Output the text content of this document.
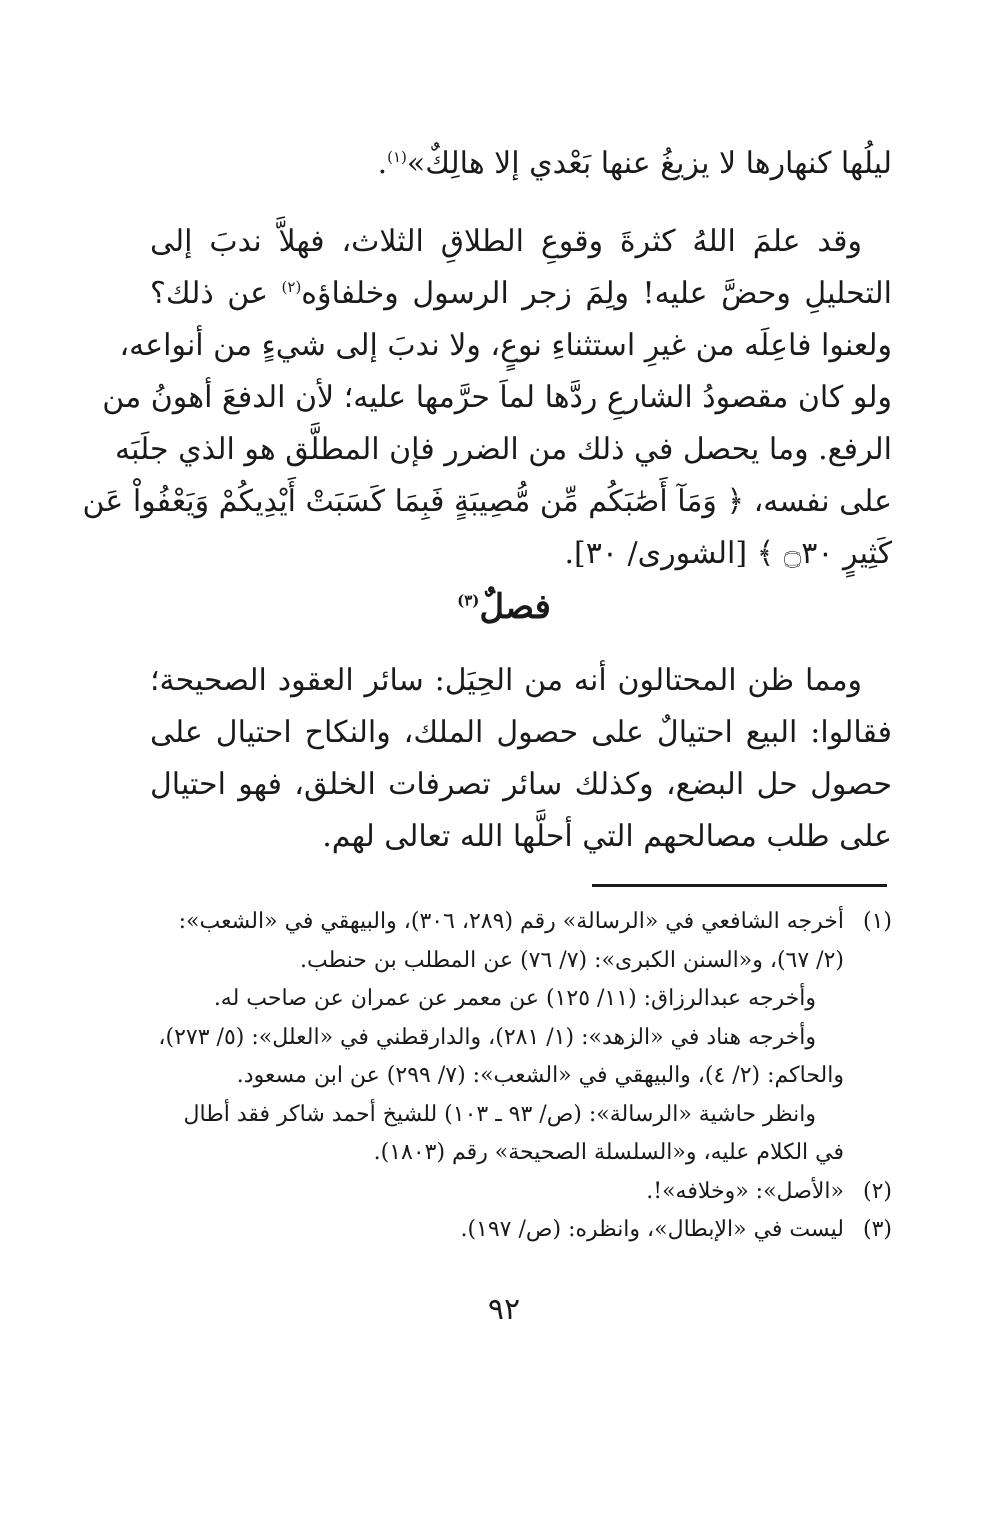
ليلُها كنهارها لا يزيغُ عنها بَعْدي إلا هالِكٌ»$^{(١)}$.
وقد علمَ اللهُ كثرةَ وقوعِ الطلاقِ الثلاث، فهلاَّ ندبَ إلى
التحليلِ وحضَّ عليه! ولِمَ زجر الرسول وخلفاؤه$^{(٢)}$ عن ذلك؟
ولعنوا فاعِلَه من غيرِ استثناءِ نوعٍ، ولا ندبَ إلى شيءٍ من أنواعه،
ولو كان مقصودُ الشارعِ ردَّها لماَ حرَّمها عليه؛ لأن الدفعَ أهونُ من
الرفع. وما يحصل في ذلك من الضرر فإن المطلَّق هو الذي جلَبَه
على نفسه، ﴿ وَمَآ أَصَٰبَكُم مِّن مُّصِيبَةٍ فَبِمَا كَسَبَتْ أَيْدِيكُمْ وَيَعْفُواْ عَن
كَثِيرٍ ۝٣٠ ﴾ [الشورى/ ٣٠].
فصلٌ$^{(٣)}$
ومما ظن المحتالون أنه من الحِيَل: سائر العقود الصحيحة؛
فقالوا: البيع احتيالٌ على حصول الملك، والنكاح احتيال على
حصول حل البضع، وكذلك سائر تصرفات الخلق، فهو احتيال
على طلب مصالحهم التي أحلَّها الله تعالى لهم.
(١)أخرجه الشافعي في «الرسالة» رقم (٢٨٩، ٣٠٦)، والبيهقي في «الشعب»:
(٢/ ٦٧)، و«السنن الكبرى»: (٧/ ٧٦) عن المطلب بن حنطب.
وأخرجه عبدالرزاق: (١١/ ١٢٥) عن معمر عن عمران عن صاحب له.
وأخرجه هناد في «الزهد»: (١/ ٢٨١)، والدارقطني في «العلل»: (٥/ ٢٧٣)،
والحاكم: (٢/ ٤)، والبيهقي في «الشعب»: (٧/ ٢٩٩) عن ابن مسعود.
وانظر حاشية «الرسالة»: (ص/ ٩٣ ـ ١٠٣) للشيخ أحمد شاكر فقد أطال
في الكلام عليه، و«السلسلة الصحيحة» رقم (١٨٠٣).
(٢)«الأصل»: «وخلافه»!.
(٣)ليست في «الإبطال»، وانظره: (ص/ ١٩٧).
٩٢
